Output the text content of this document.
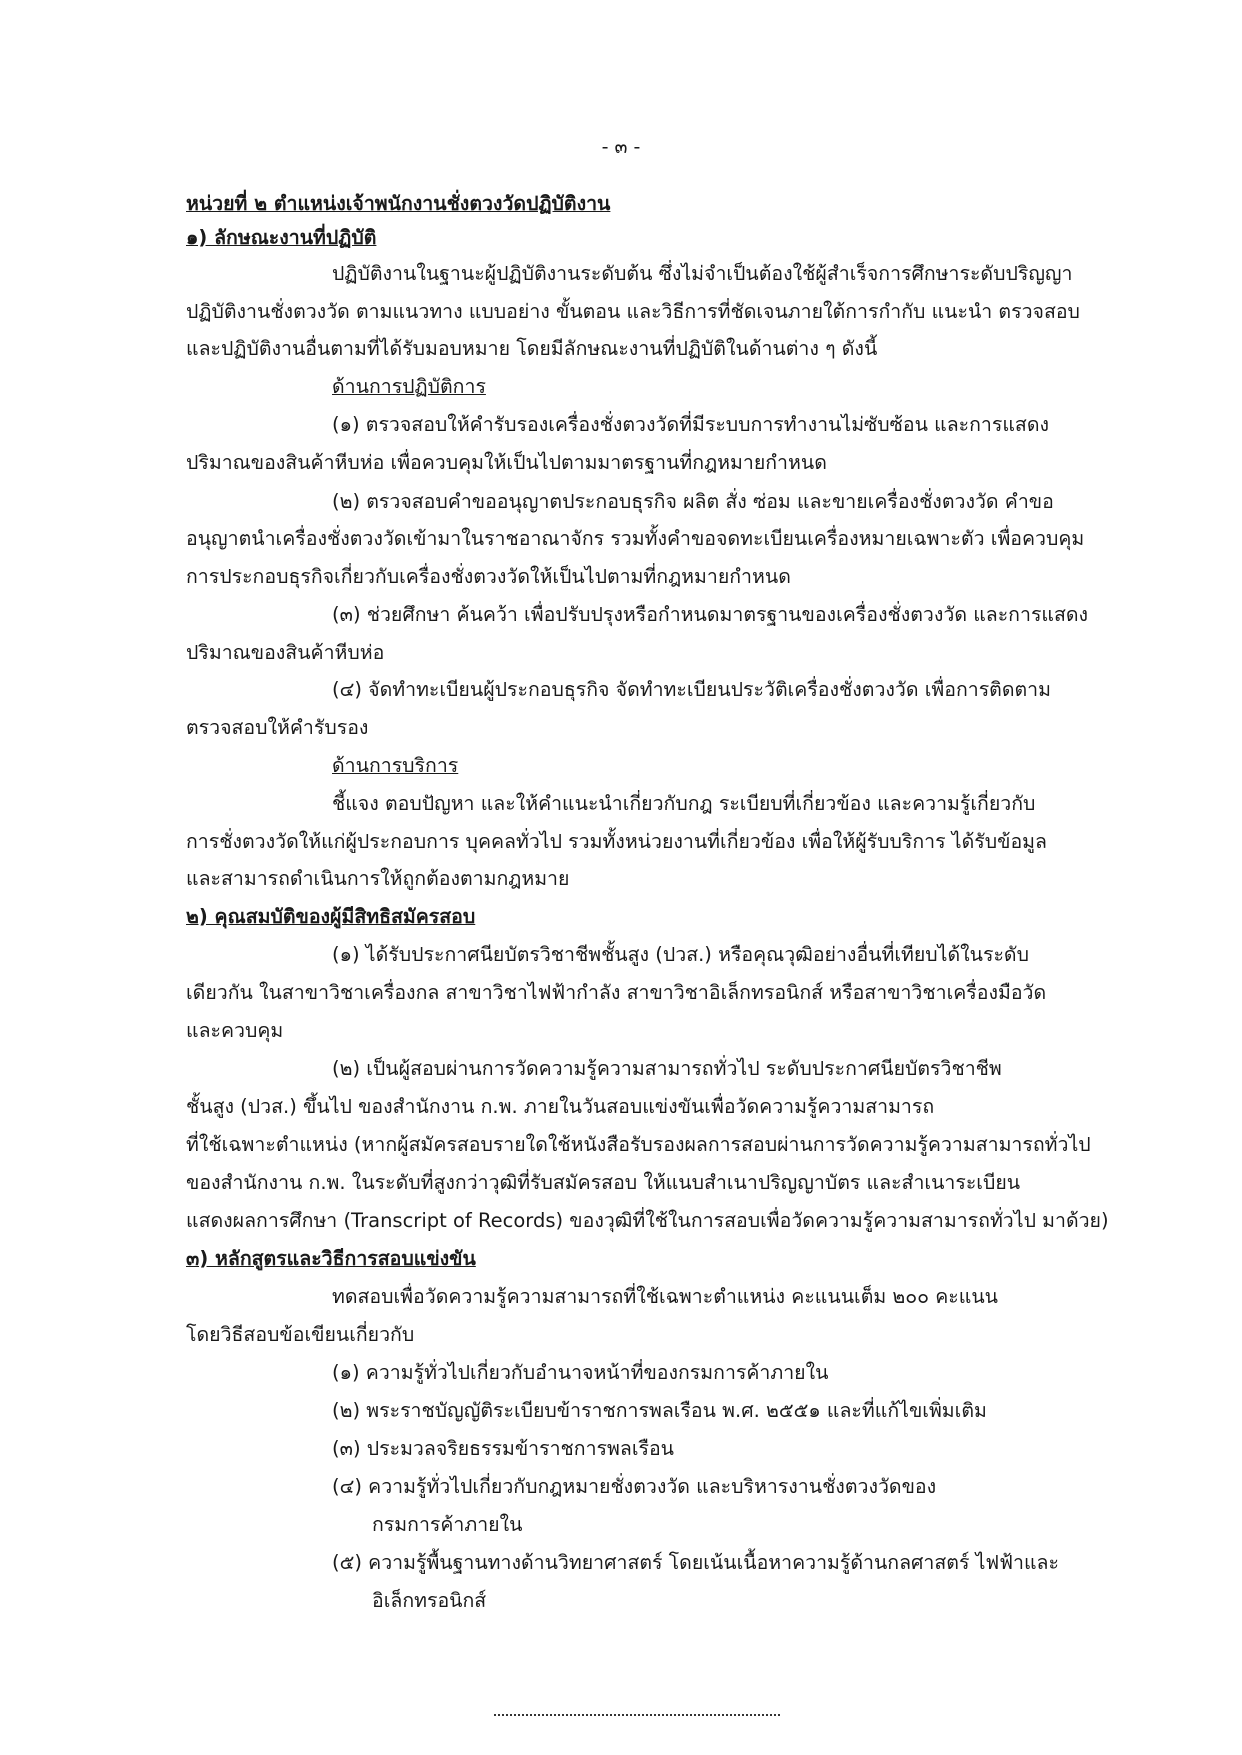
- ๓ -
หน่วยที่ ๒ ตำแหน่งเจ้าพนักงานชั่งตวงวัดปฏิบัติงาน
๑) ลักษณะงานที่ปฏิบัติ
ปฏิบัติงานในฐานะผู้ปฏิบัติงานระดับต้น ซึ่งไม่จำเป็นต้องใช้ผู้สำเร็จการศึกษาระดับปริญญา
ปฏิบัติงานชั่งตวงวัด ตามแนวทาง แบบอย่าง ขั้นตอน และวิธีการที่ชัดเจนภายใต้การกำกับ แนะนำ ตรวจสอบ
และปฏิบัติงานอื่นตามที่ได้รับมอบหมาย โดยมีลักษณะงานที่ปฏิบัติในด้านต่าง ๆ ดังนี้
ด้านการปฏิบัติการ
(๑) ตรวจสอบให้คำรับรองเครื่องชั่งตวงวัดที่มีระบบการทำงานไม่ซับซ้อน และการแสดง
ปริมาณของสินค้าหีบห่อ เพื่อควบคุมให้เป็นไปตามมาตรฐานที่กฎหมายกำหนด
(๒) ตรวจสอบคำขออนุญาตประกอบธุรกิจ ผลิต สั่ง ซ่อม และขายเครื่องชั่งตวงวัด คำขอ
อนุญาตนำเครื่องชั่งตวงวัดเข้ามาในราชอาณาจักร รวมทั้งคำขอจดทะเบียนเครื่องหมายเฉพาะตัว เพื่อควบคุม
การประกอบธุรกิจเกี่ยวกับเครื่องชั่งตวงวัดให้เป็นไปตามที่กฎหมายกำหนด
(๓) ช่วยศึกษา ค้นคว้า เพื่อปรับปรุงหรือกำหนดมาตรฐานของเครื่องชั่งตวงวัด และการแสดง
ปริมาณของสินค้าหีบห่อ
(๔) จัดทำทะเบียนผู้ประกอบธุรกิจ จัดทำทะเบียนประวัติเครื่องชั่งตวงวัด เพื่อการติดตาม
ตรวจสอบให้คำรับรอง
ด้านการบริการ
ชี้แจง ตอบปัญหา และให้คำแนะนำเกี่ยวกับกฎ ระเบียบที่เกี่ยวข้อง และความรู้เกี่ยวกับ
การชั่งตวงวัดให้แก่ผู้ประกอบการ บุคคลทั่วไป รวมทั้งหน่วยงานที่เกี่ยวข้อง เพื่อให้ผู้รับบริการ ได้รับข้อมูล
และสามารถดำเนินการให้ถูกต้องตามกฎหมาย
๒) คุณสมบัติของผู้มีสิทธิสมัครสอบ
(๑) ได้รับประกาศนียบัตรวิชาชีพชั้นสูง (ปวส.) หรือคุณวุฒิอย่างอื่นที่เทียบได้ในระดับ
เดียวกัน ในสาขาวิชาเครื่องกล สาขาวิชาไฟฟ้ากำลัง สาขาวิชาอิเล็กทรอนิกส์ หรือสาขาวิชาเครื่องมือวัด
และควบคุม
(๒) เป็นผู้สอบผ่านการวัดความรู้ความสามารถทั่วไป ระดับประกาศนียบัตรวิชาชีพ
ชั้นสูง (ปวส.) ขึ้นไป ของสำนักงาน ก.พ. ภายในวันสอบแข่งขันเพื่อวัดความรู้ความสามารถ
ที่ใช้เฉพาะตำแหน่ง (หากผู้สมัครสอบรายใดใช้หนังสือรับรองผลการสอบผ่านการวัดความรู้ความสามารถทั่วไป
ของสำนักงาน ก.พ. ในระดับที่สูงกว่าวุฒิที่รับสมัครสอบ ให้แนบสำเนาปริญญาบัตร และสำเนาระเบียน
แสดงผลการศึกษา (Transcript of Records) ของวุฒิที่ใช้ในการสอบเพื่อวัดความรู้ความสามารถทั่วไป มาด้วย)
๓) หลักสูตรและวิธีการสอบแข่งขัน
ทดสอบเพื่อวัดความรู้ความสามารถที่ใช้เฉพาะตำแหน่ง คะแนนเต็ม ๒๐๐ คะแนน
โดยวิธีสอบข้อเขียนเกี่ยวกับ
(๑) ความรู้ทั่วไปเกี่ยวกับอำนาจหน้าที่ของกรมการค้าภายใน
(๒) พระราชบัญญัติระเบียบข้าราชการพลเรือน พ.ศ. ๒๕๕๑ และที่แก้ไขเพิ่มเติม
(๓) ประมวลจริยธรรมข้าราชการพลเรือน
(๔) ความรู้ทั่วไปเกี่ยวกับกฎหมายชั่งตวงวัด และบริหารงานชั่งตวงวัดของ
กรมการค้าภายใน
(๕) ความรู้พื้นฐานทางด้านวิทยาศาสตร์ โดยเน้นเนื้อหาความรู้ด้านกลศาสตร์ ไฟฟ้าและ
อิเล็กทรอนิกส์
